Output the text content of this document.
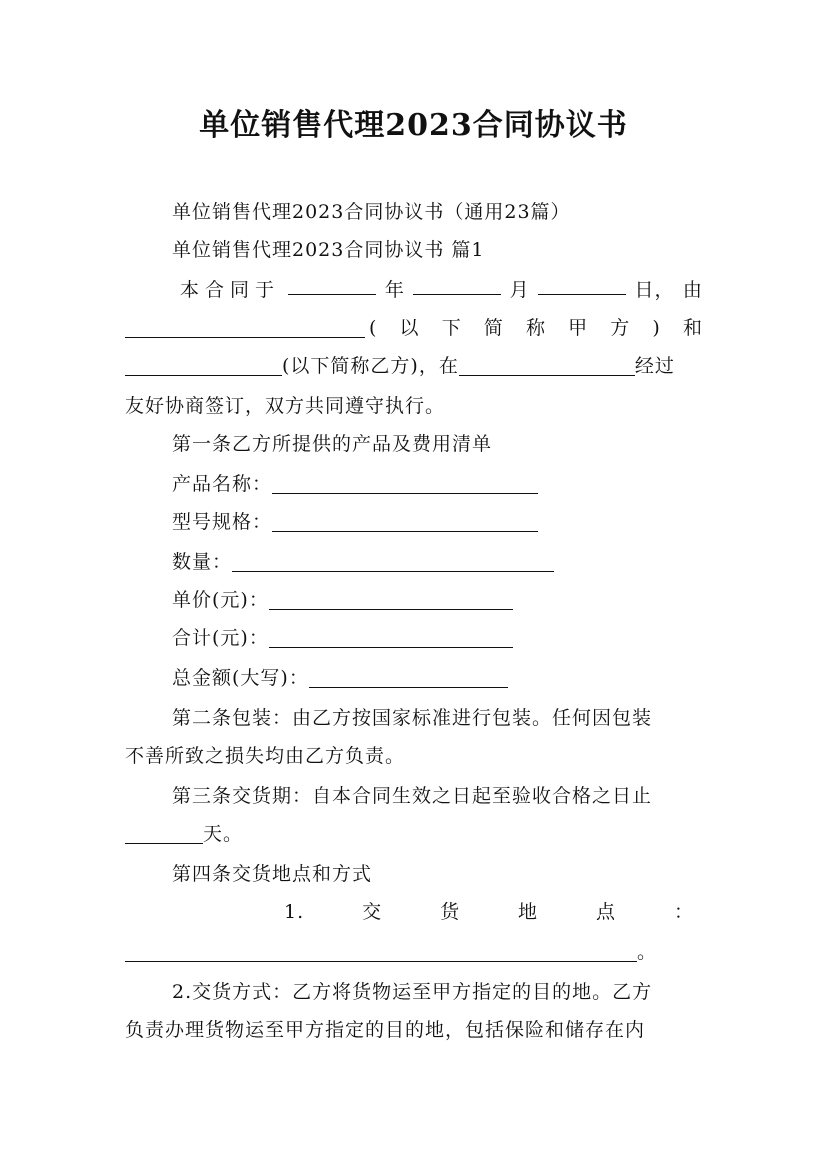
单位销售代理2023合同协议书
单位销售代理2023合同协议书（通用23篇）
单位销售代理2023合同协议书 篇1
本合同于	年	月	日， 由
( 以 下 简 称 甲 方 ) 和
(以下简称乙方)，在	经过
友好协商签订，双方共同遵守执行。
第一条乙方所提供的产品及费用清单
产品名称：
型号规格：
数量：
单价(元)：
合计(元)：
总金额(大写)：
第二条包装：由乙方按国家标准进行包装。任何因包装
不善所致之损失均由乙方负责。
第三条交货期：自本合同生效之日起至验收合格之日止
天。
第四条交货地点和方式
1.	交	货	地	点	：
。
2.交货方式：乙方将货物运至甲方指定的目的地。乙方
负责办理货物运至甲方指定的目的地，包括保险和储存在内
